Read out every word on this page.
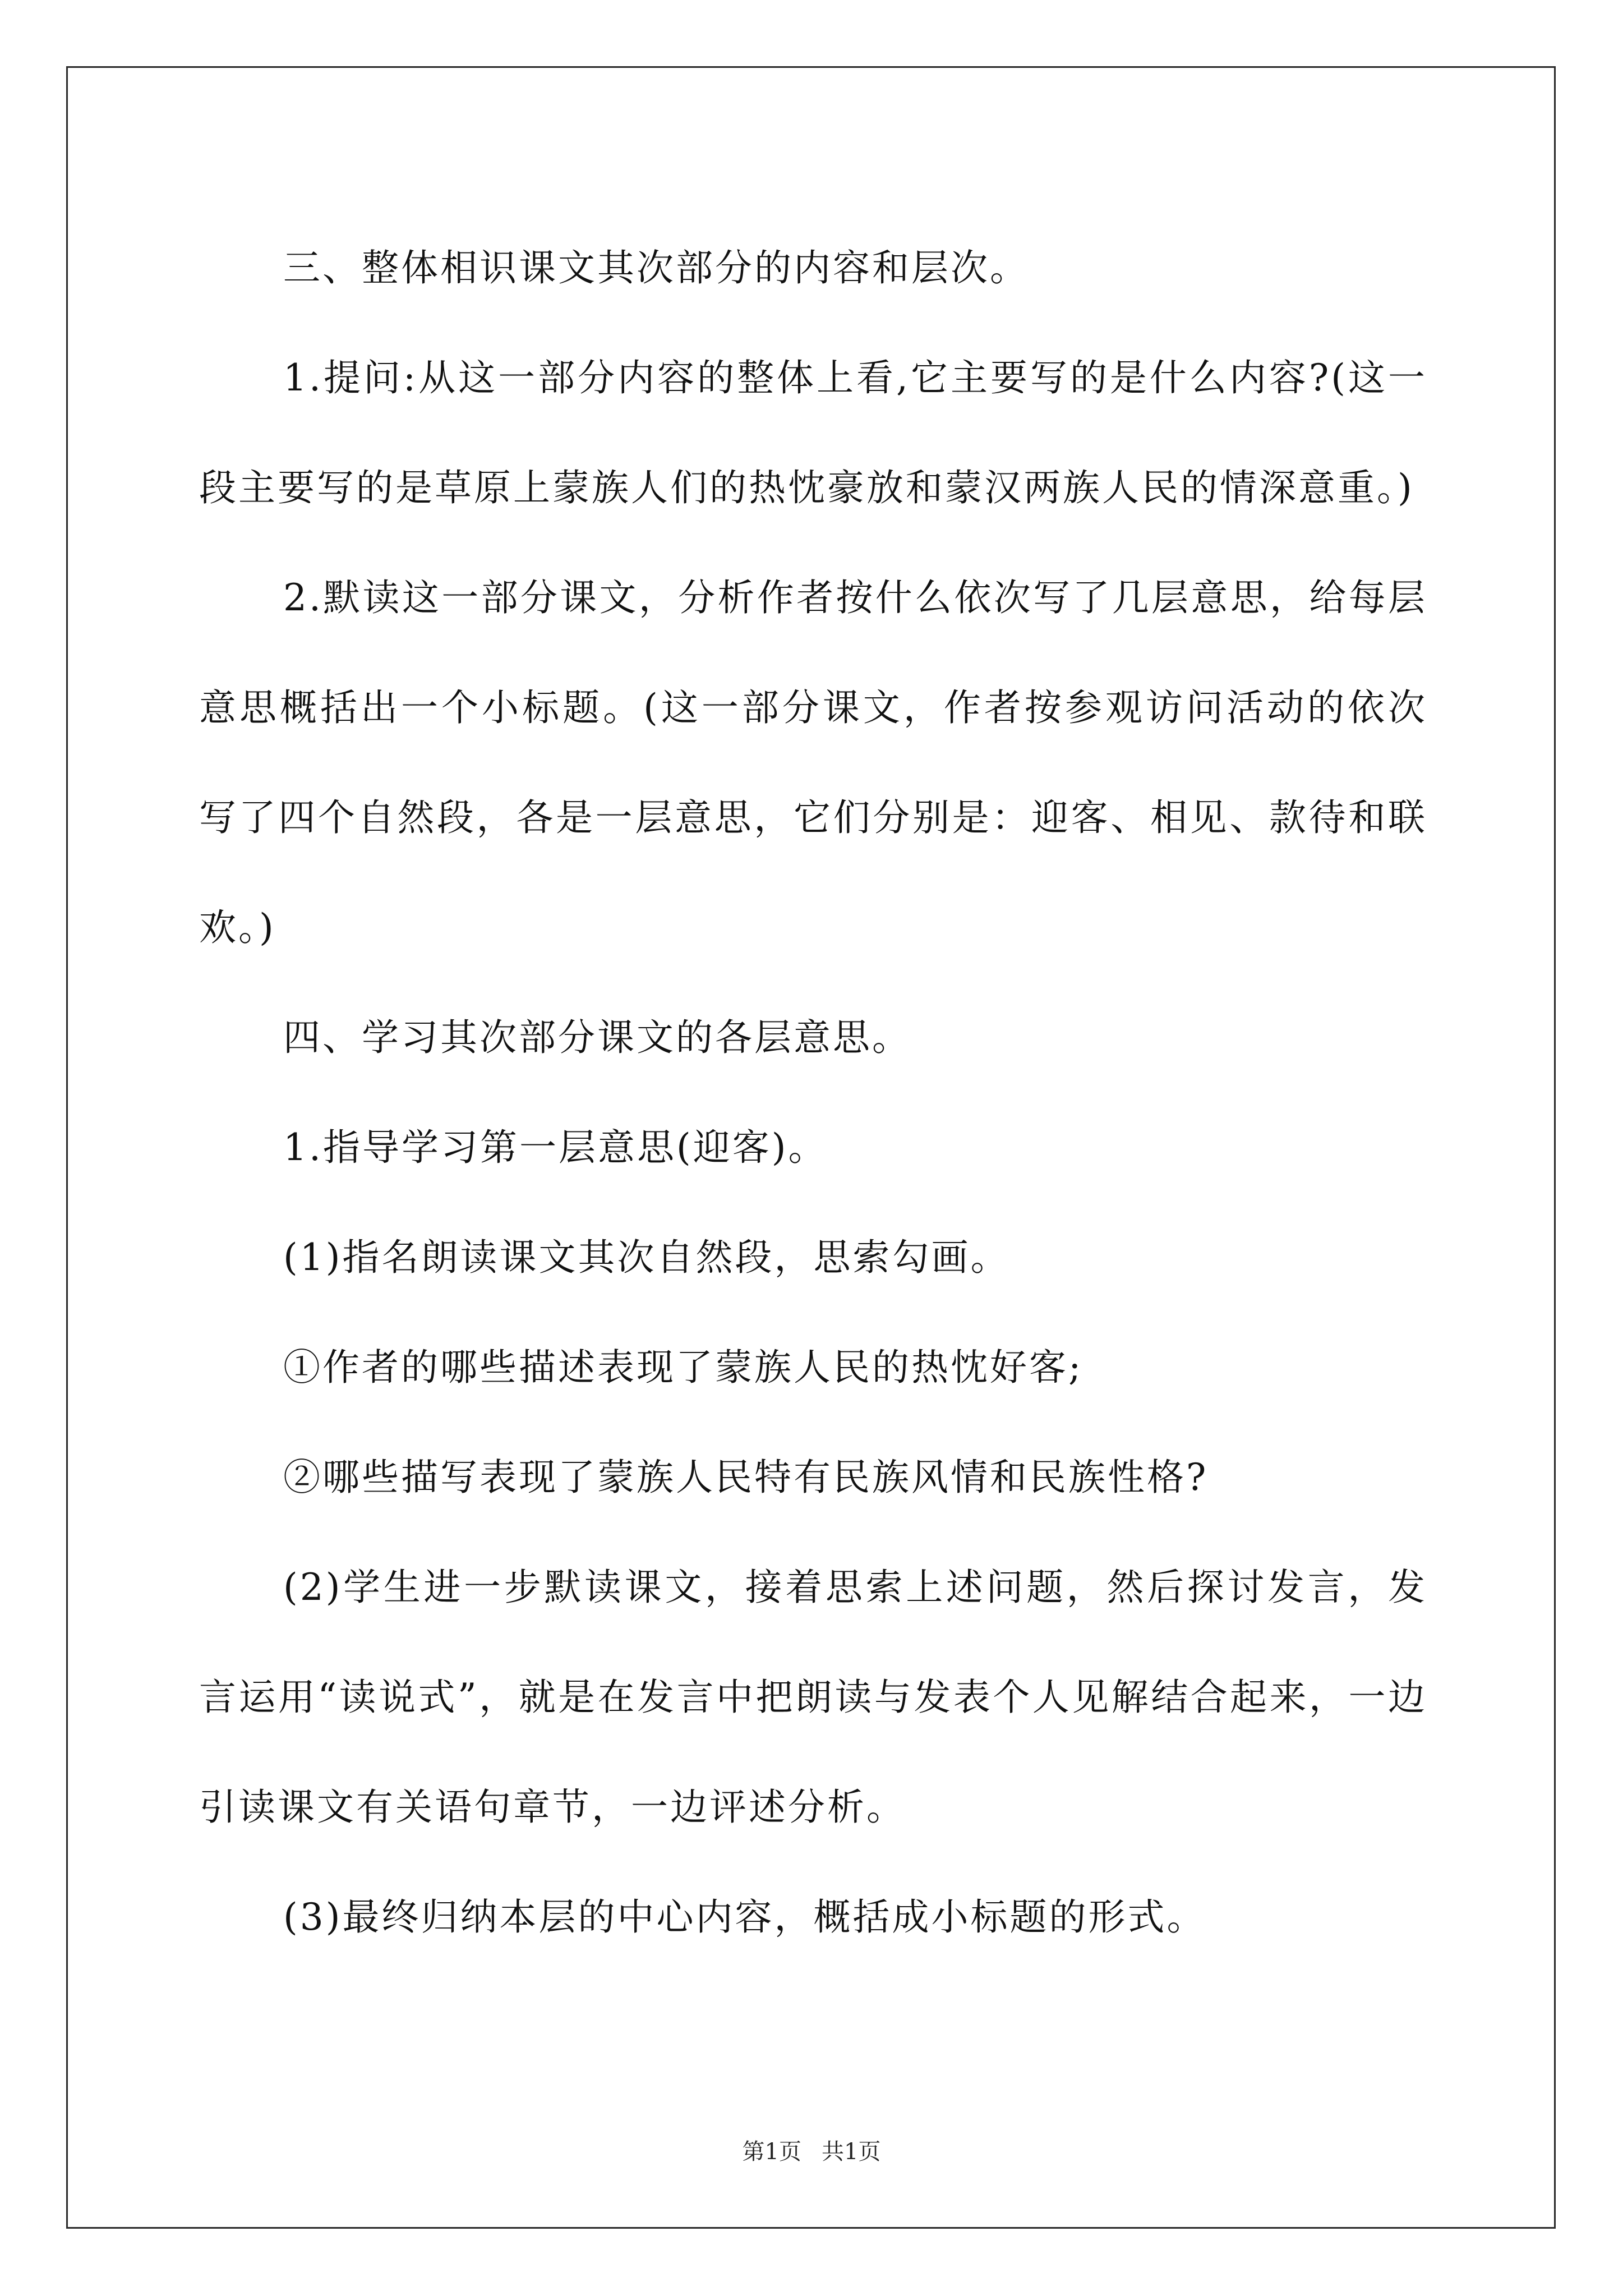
三、整体相识课文其次部分的内容和层次。

1.提问:从这一部分内容的整体上看,它主要写的是什么内容?(这一段主要写的是草原上蒙族人们的热忱豪放和蒙汉两族人民的情深意重。)

2.默读这一部分课文，分析作者按什么依次写了几层意思，给每层意思概括出一个小标题。(这一部分课文，作者按参观访问活动的依次写了四个自然段，各是一层意思，它们分别是：迎客、相见、款待和联欢。)

四、学习其次部分课文的各层意思。

1.指导学习第一层意思(迎客)。

(1)指名朗读课文其次自然段，思索勾画。

①作者的哪些描述表现了蒙族人民的热忱好客;

②哪些描写表现了蒙族人民特有民族风情和民族性格?

(2)学生进一步默读课文，接着思索上述问题，然后探讨发言，发言运用“读说式”，就是在发言中把朗读与发表个人见解结合起来，一边引读课文有关语句章节，一边评述分析。

(3)最终归纳本层的中心内容，概括成小标题的形式。

第1页 共1页
